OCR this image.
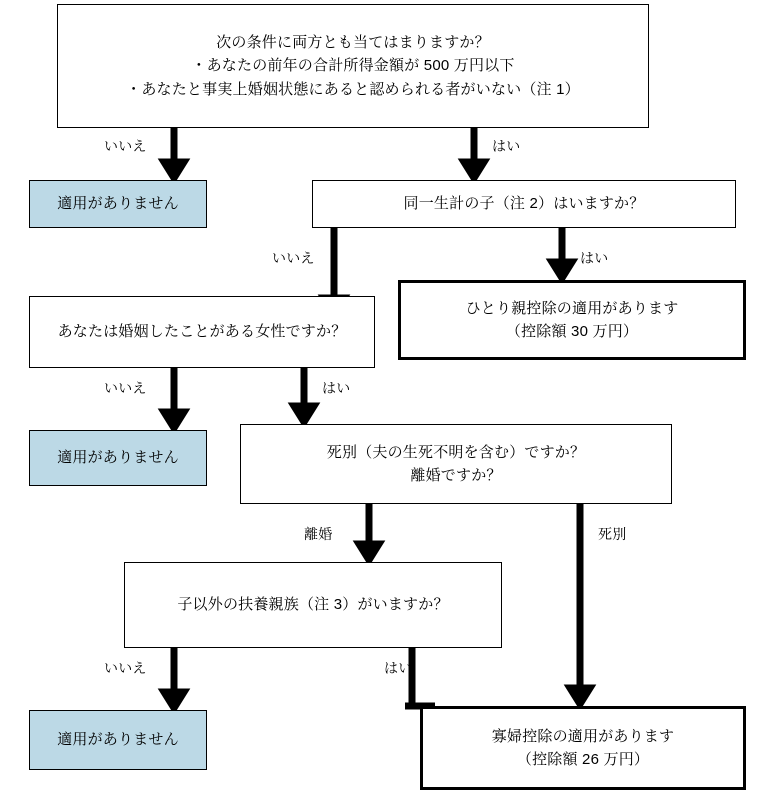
いいえ	はい
いいえ	はい
いいえ	はい
離婚	死別
いいえ	はい
次の条件に両方とも当てはまりますか？
・あなたの前年の合計所得金額が 500 万円以下
・あなたと事実上婚姻状態にあると認められる者がいない（注 1）
適用がありません	同一生計の子（注 2）はいますか？
ひとり親控除の適用があります
（控除額 30 万円）
あなたは婚姻したことがある女性ですか？
適用がありません	死別（夫の生死不明を含む）ですか？
離婚ですか？
子以外の扶養親族（注 3）がいますか？
適用がありません	寡婦控除の適用があります
（控除額 26 万円）
